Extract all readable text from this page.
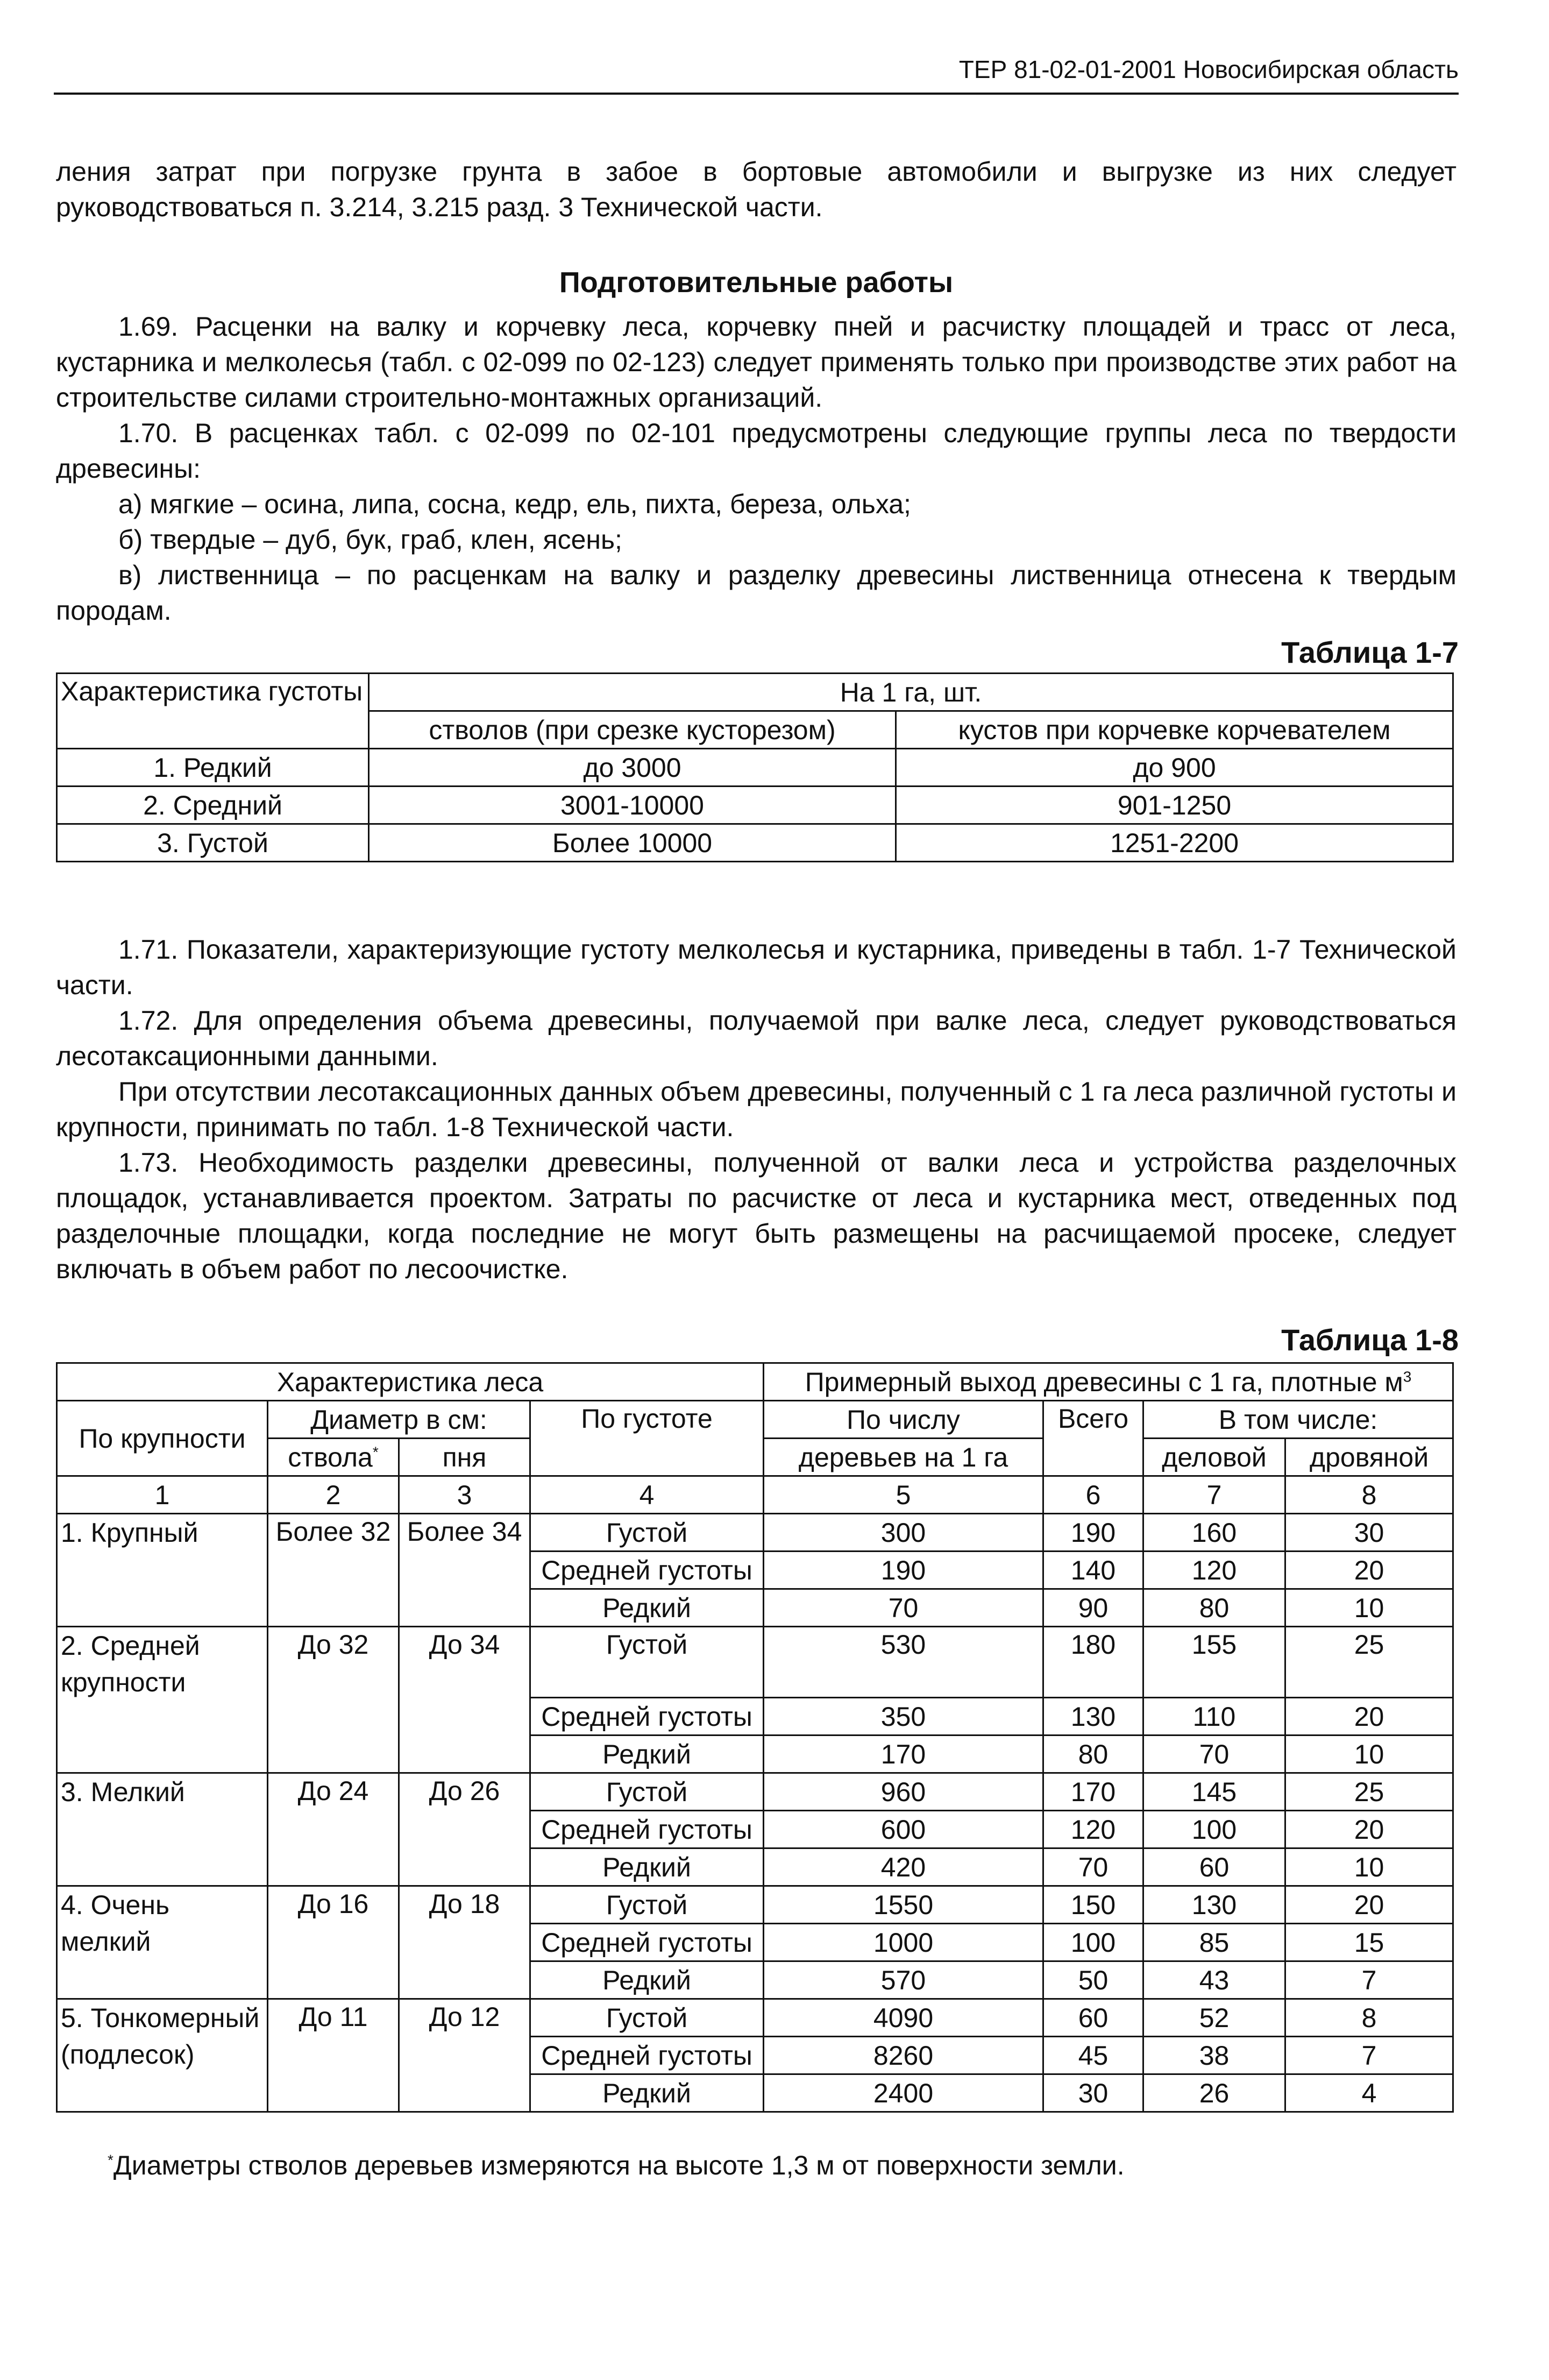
ТЕР 81-02-01-2001 Новосибирская область

ления затрат при погрузке грунта в забое в бортовые автомобили и выгрузке из них следует руководствоваться п. 3.214, 3.215 разд. 3 Технической части.

Подготовительные работы

1.69. Расценки на валку и корчевку леса, корчевку пней и расчистку площадей и трасс от леса, кустарника и мелколесья (табл. с 02-099 по 02-123) следует применять только при производстве этих работ на строительстве силами строительно-монтажных организаций.

1.70. В расценках табл. с 02-099 по 02-101 предусмотрены следующие группы леса по твердости древесины:

а) мягкие – осина, липа, сосна, кедр, ель, пихта, береза, ольха;

б) твердые – дуб, бук, граб, клен, ясень;

в) лиственница – по расценкам на валку и разделку древесины лиственница отнесена к твердым породам.

Таблица 1-7
Характеристика густоты	На 1 га, шт.	
	стволов (при срезке кусторезом)	кустов при корчевке корчевателем
1. Редкий	до 3000	до 900
2. Средний	3001-10000	901-1250
3. Густой	Более 10000	1251-2200

1.71. Показатели, характеризующие густоту мелколесья и кустарника, приведены в табл. 1-7 Технической части.

1.72. Для определения объема древесины, получаемой при валке леса, следует руководствоваться лесотаксационными данными.

При отсутствии лесотаксационных данных объем древесины, полученный с 1 га леса различной густоты и крупности, принимать по табл. 1-8 Технической части.

1.73. Необходимость разделки древесины, полученной от валки леса и устройства разделочных площадок, устанавливается проектом. Затраты по расчистке от леса и кустарника мест, отведенных под разделочные площадки, когда последние не могут быть размещены на расчищаемой просеке, следует включать в объем работ по лесоочистке.

Таблица 1-8
Характеристика леса				Примерный выход древесины с 1 га, плотные $м^3$
По крупности	Диаметр в см:		По густоте	По числу	Всего	В том числе:	
	ствола*	пня		деревьев на 1 га		деловой	дровяной
1	2	3	4	5	6	7	8
1. Крупный	Более 32	Более 34	Густой	300	190	160	30
			Средней густоты	190	140	120	20
			Редкий	70	90	80	10
2. Средней крупности	До 32	До 34	Густой	530	180	155	25
			Средней густоты	350	130	110	20
			Редкий	170	80	70	10
3. Мелкий	До 24	До 26	Густой	960	170	145	25
			Средней густоты	600	120	100	20
			Редкий	420	70	60	10
4. Очень мелкий	До 16	До 18	Густой	1550	150	130	20
			Средней густоты	1000	100	85	15
			Редкий	570	50	43	7
5. Тонкомерный (подлесок)	До 11	До 12	Густой	4090	60	52	8
			Средней густоты	8260	45	38	7
			Редкий	2400	30	26	4
*Диаметры стволов деревьев измеряются на высоте 1,3 м от поверхности земли.
